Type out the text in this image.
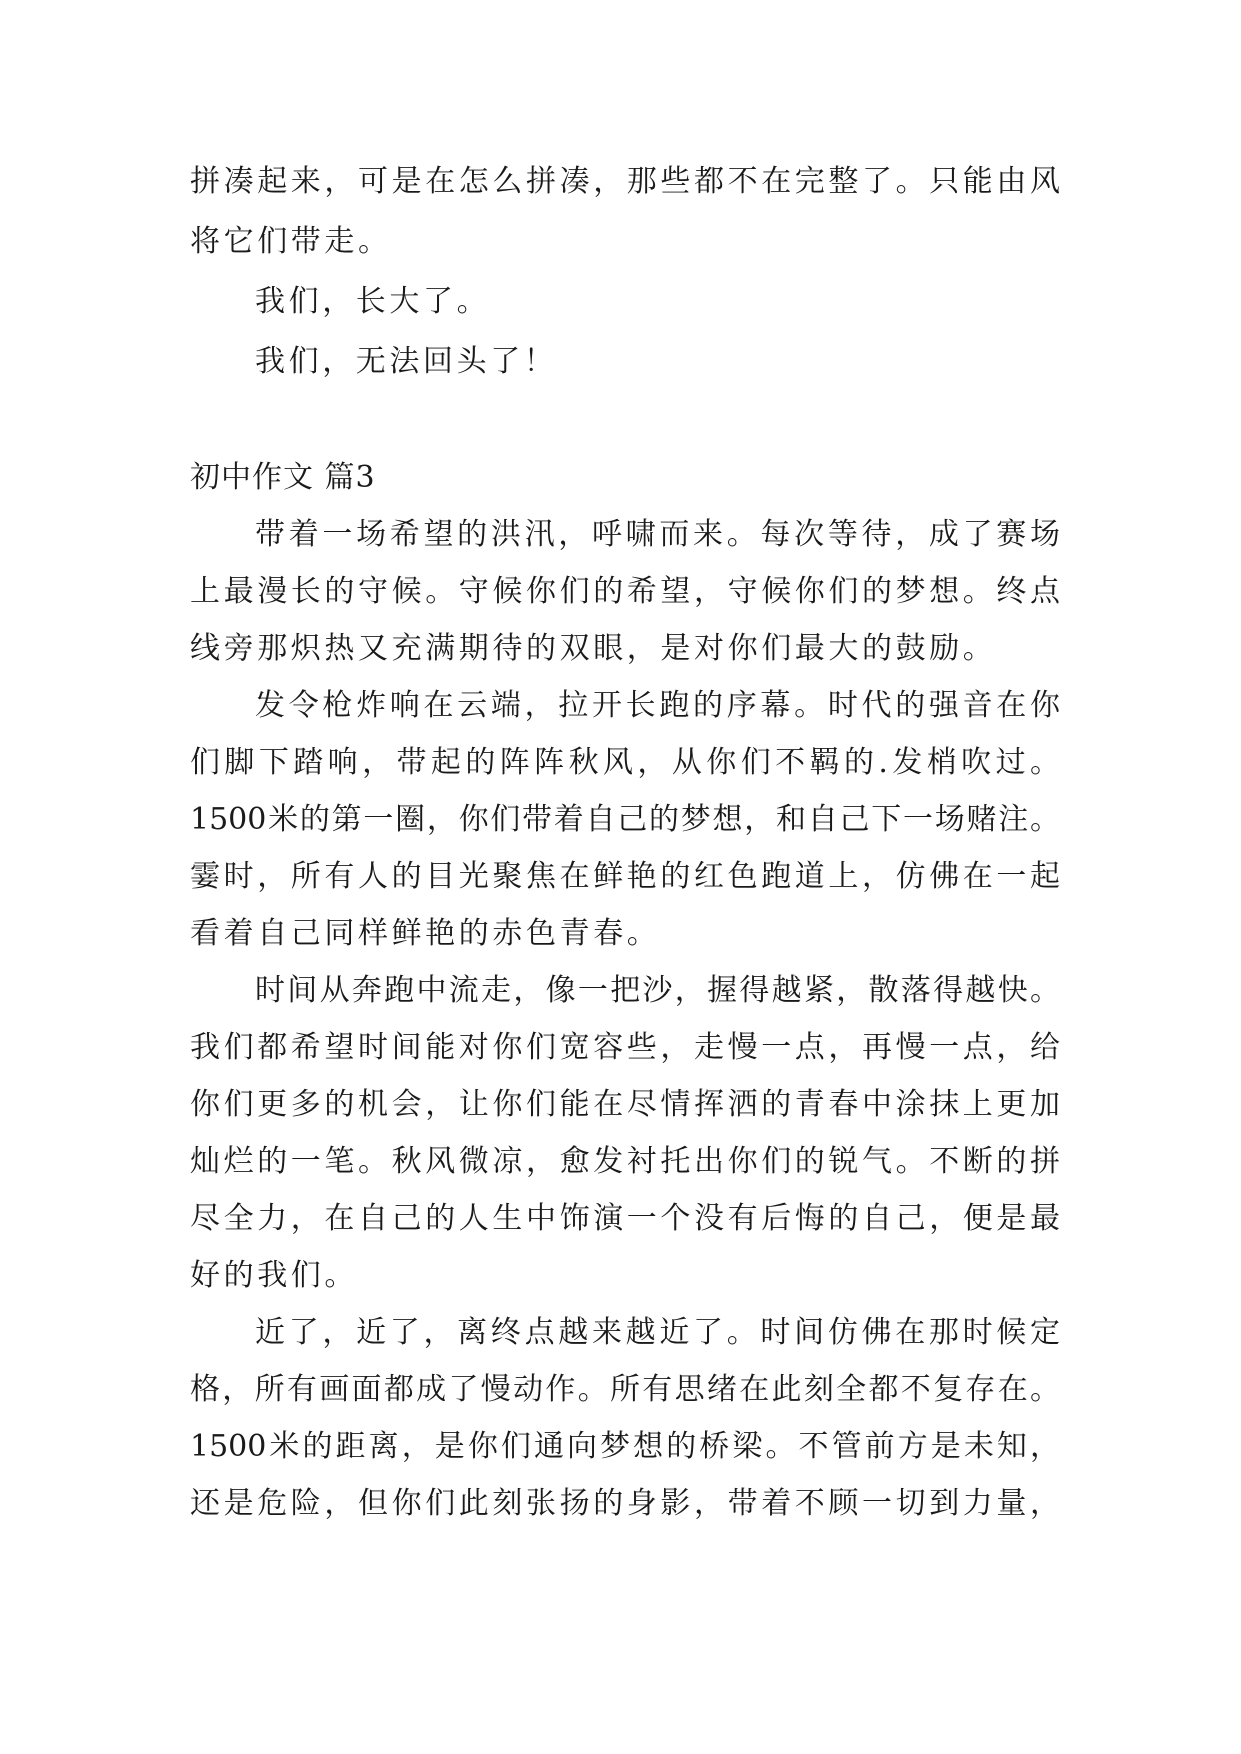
拼凑起来，可是在怎么拼凑，那些都不在完整了。只能由风
将它们带走。
我们，长大了。
我们，无法回头了！
初中作文 篇3
带着一场希望的洪汛，呼啸而来。每次等待，成了赛场
上最漫长的守候。守候你们的希望，守候你们的梦想。终点
线旁那炽热又充满期待的双眼，是对你们最大的鼓励。
发令枪炸响在云端，拉开长跑的序幕。时代的强音在你
们脚下踏响，带起的阵阵秋风，从你们不羁的.发梢吹过。
1500米的第一圈，你们带着自己的梦想，和自己下一场赌注。
霎时，所有人的目光聚焦在鲜艳的红色跑道上，仿佛在一起
看着自己同样鲜艳的赤色青春。
时间从奔跑中流走，像一把沙，握得越紧，散落得越快。
我们都希望时间能对你们宽容些，走慢一点，再慢一点，给
你们更多的机会，让你们能在尽情挥洒的青春中涂抹上更加
灿烂的一笔。秋风微凉，愈发衬托出你们的锐气。不断的拼
尽全力，在自己的人生中饰演一个没有后悔的自己，便是最
好的我们。
近了，近了，离终点越来越近了。时间仿佛在那时候定
格，所有画面都成了慢动作。所有思绪在此刻全都不复存在。
1500米的距离，是你们通向梦想的桥梁。不管前方是未知，
还是危险，但你们此刻张扬的身影，带着不顾一切到力量，
